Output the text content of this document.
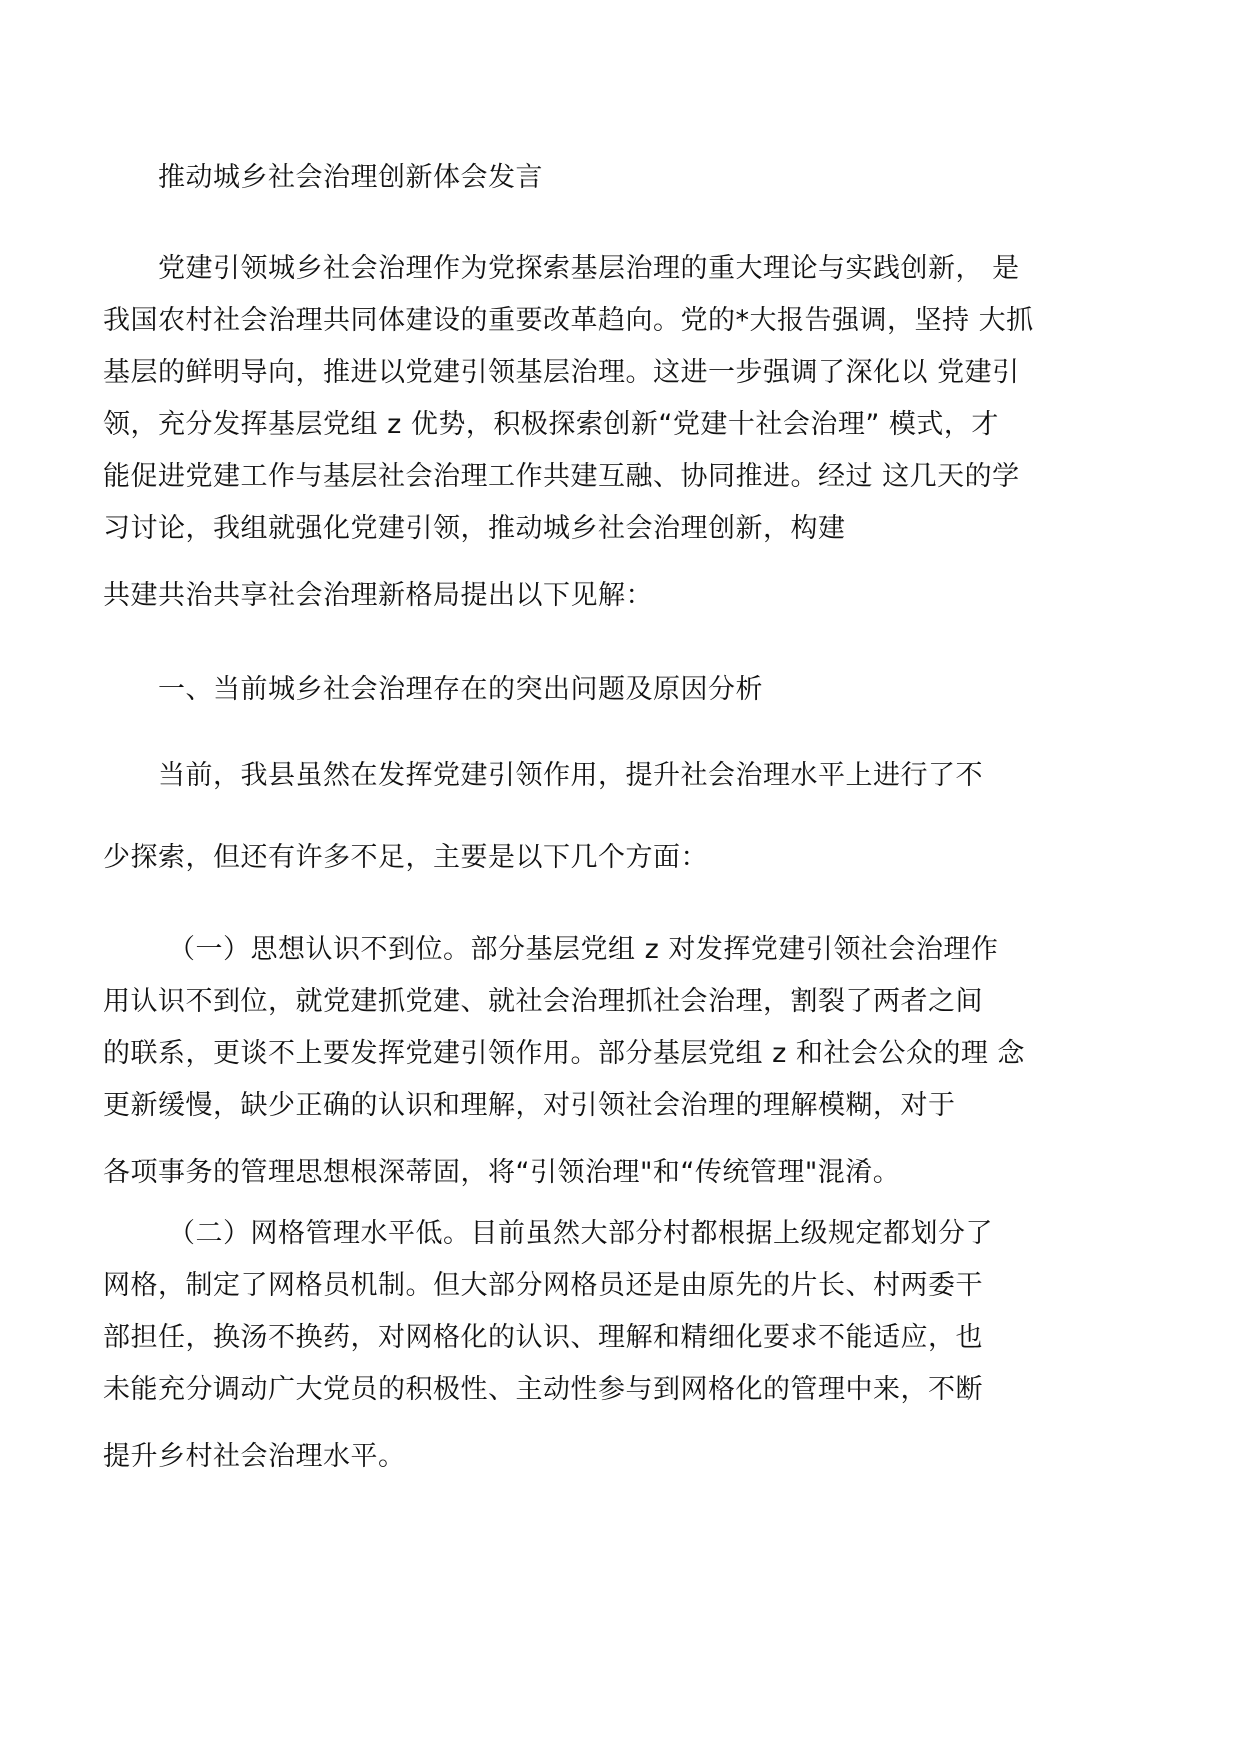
推动城乡社会治理创新体会发言
党建引领城乡社会治理作为党探索基层治理的重大理论与实践创新， 是
我国农村社会治理共同体建设的重要改革趋向。党的*大报告强调，坚持 大抓
基层的鲜明导向，推进以党建引领基层治理。这进一步强调了深化以 党建引
领，充分发挥基层党组 z 优势，积极探索创新“党建十社会治理” 模式，才
能促进党建工作与基层社会治理工作共建互融、协同推进。经过 这几天的学
习讨论，我组就强化党建引领，推动城乡社会治理创新，构建
共建共治共享社会治理新格局提出以下见解：
一、当前城乡社会治理存在的突出问题及原因分析
当前，我县虽然在发挥党建引领作用，提升社会治理水平上进行了不
少探索，但还有许多不足，主要是以下几个方面：
（一）思想认识不到位。部分基层党组 z 对发挥党建引领社会治理作
用认识不到位，就党建抓党建、就社会治理抓社会治理，割裂了两者之间
的联系，更谈不上要发挥党建引领作用。部分基层党组 z 和社会公众的理 念
更新缓慢，缺少正确的认识和理解，对引领社会治理的理解模糊，对于
各项事务的管理思想根深蒂固，将“引领治理"和“传统管理"混淆。
（二）网格管理水平低。目前虽然大部分村都根据上级规定都划分了
网格，制定了网格员机制。但大部分网格员还是由原先的片长、村两委干
部担任，换汤不换药，对网格化的认识、理解和精细化要求不能适应，也
未能充分调动广大党员的积极性、主动性参与到网格化的管理中来，不断
提升乡村社会治理水平。
